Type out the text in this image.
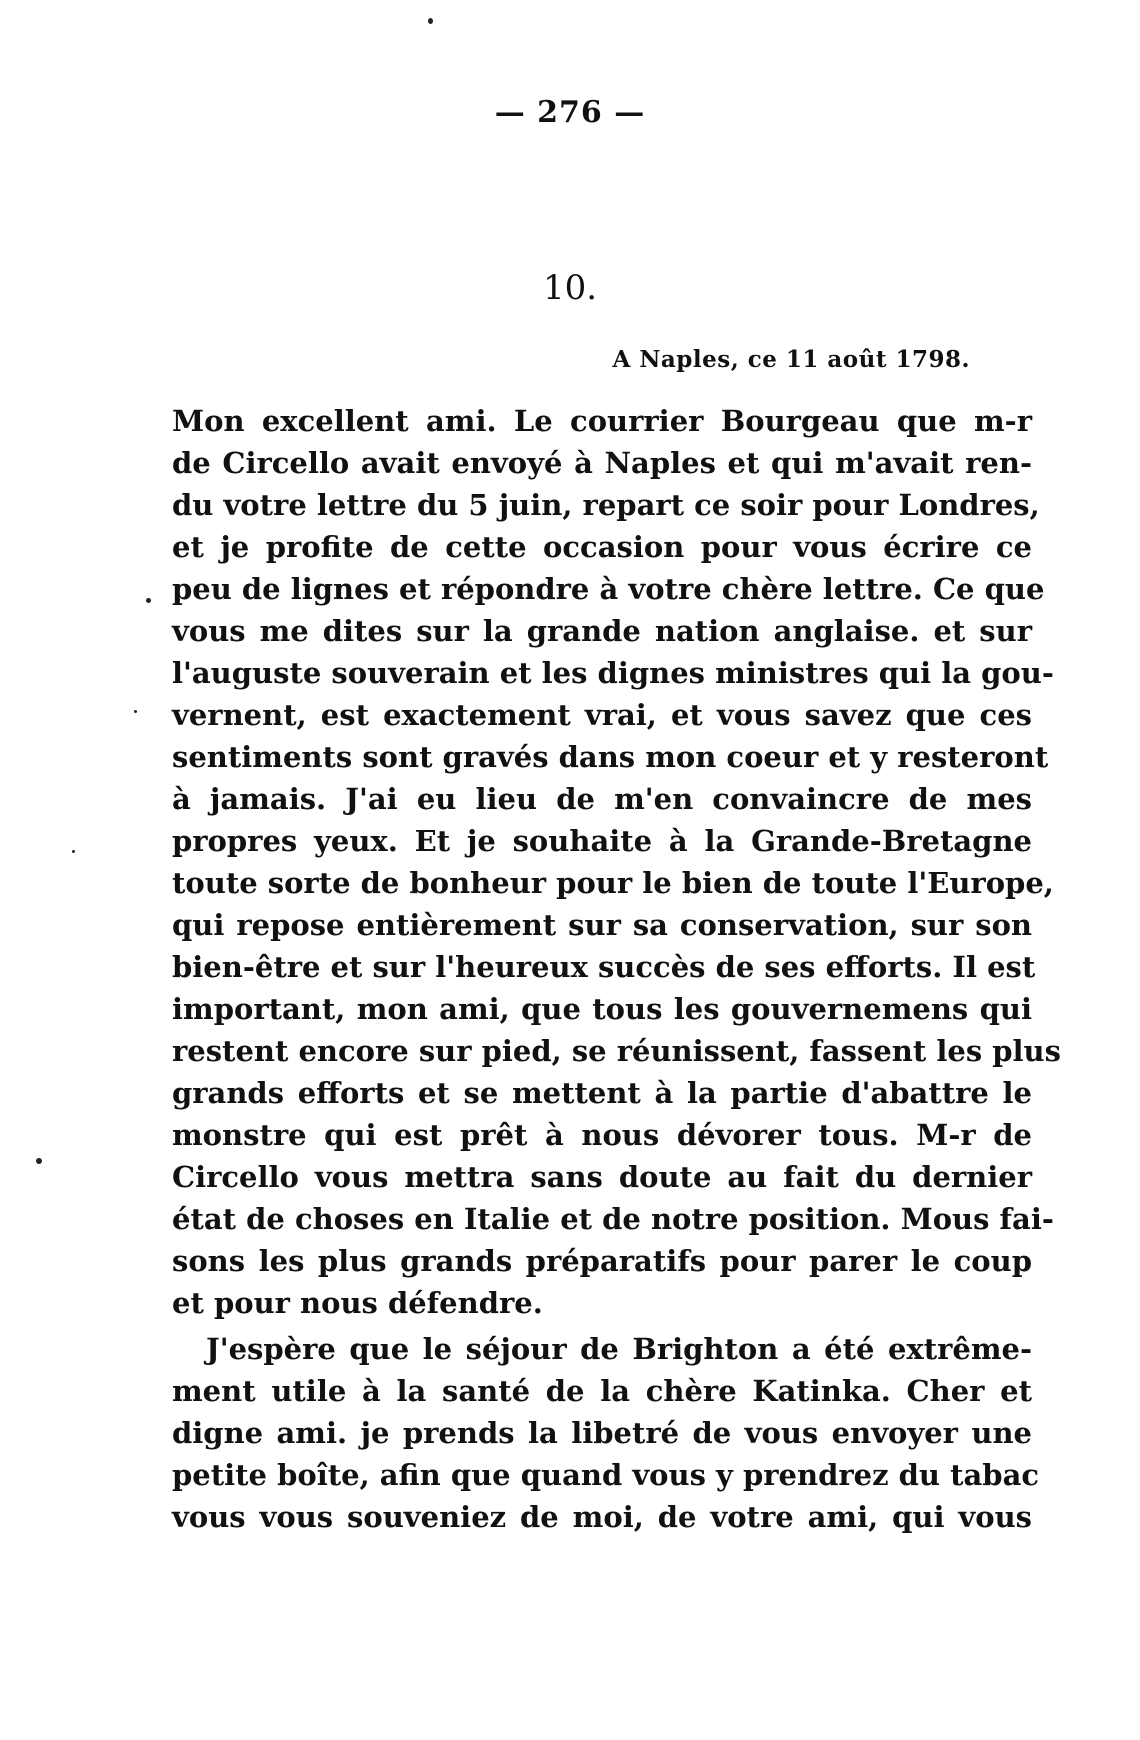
— 276 —
10.
A Naples, ce 11 août 1798.
Mon excellent ami. Le courrier Bourgeau que m-r
de Circello avait envoyé à Naples et qui m'avait ren-
du votre lettre du 5 juin, repart ce soir pour Londres,
et je profite de cette occasion pour vous écrire ce
peu de lignes et répondre à votre chère lettre. Ce que
vous me dites sur la grande nation anglaise. et sur
l'auguste souverain et les dignes ministres qui la gou-
vernent, est exactement vrai, et vous savez que ces
sentiments sont gravés dans mon coeur et y resteront
à jamais. J'ai eu lieu de m'en convaincre de mes
propres yeux. Et je souhaite à la Grande-Bretagne
toute sorte de bonheur pour le bien de toute l'Europe,
qui repose entièrement sur sa conservation, sur son
bien-être et sur l'heureux succès de ses efforts. Il est
important, mon ami, que tous les gouvernemens qui
restent encore sur pied, se réunissent, fassent les plus
grands efforts et se mettent à la partie d'abattre le
monstre qui est prêt à nous dévorer tous. M-r de
Circello vous mettra sans doute au fait du dernier
état de choses en Italie et de notre position. Mous fai-
sons les plus grands préparatifs pour parer le coup
et pour nous défendre.
J'espère que le séjour de Brighton a été extrême-
ment utile à la santé de la chère Katinka. Cher et
digne ami. je prends la libetré de vous envoyer une
petite boîte, afin que quand vous y prendrez du tabac
vous vous souveniez de moi, de votre ami, qui vous
